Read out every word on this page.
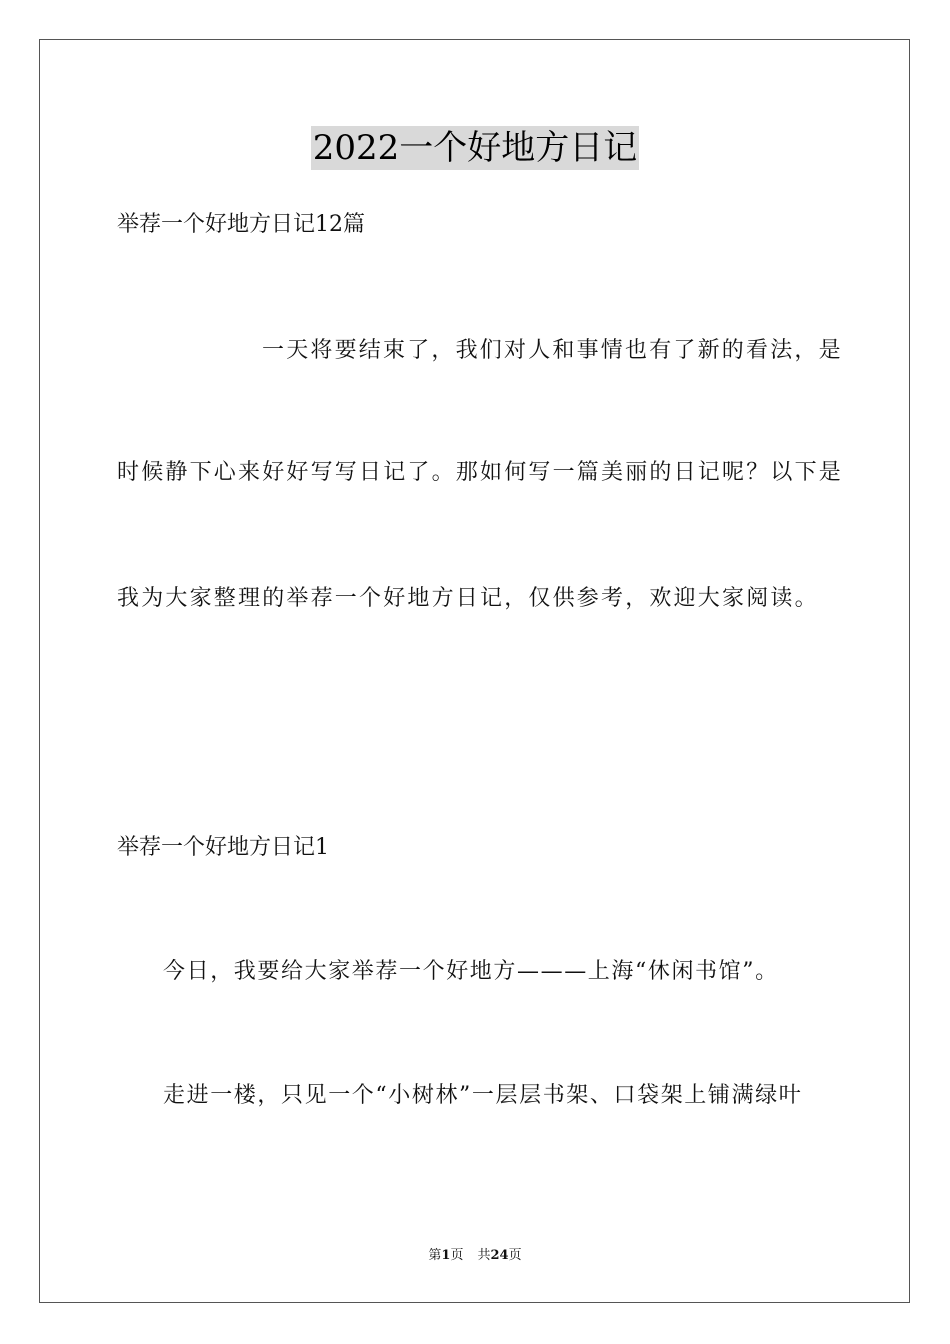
2022一个好地方日记
举荐一个好地方日记12篇
一天将要结束了，我们对人和事情也有了新的看法，是
时候静下心来好好写写日记了。那如何写一篇美丽的日记呢？以下是
我为大家整理的举荐一个好地方日记，仅供参考，欢迎大家阅读。
举荐一个好地方日记1
今日，我要给大家举荐一个好地方———上海“休闲书馆”。
走进一楼，只见一个“小树林”一层层书架、口袋架上铺满绿叶
第1页 共24页
